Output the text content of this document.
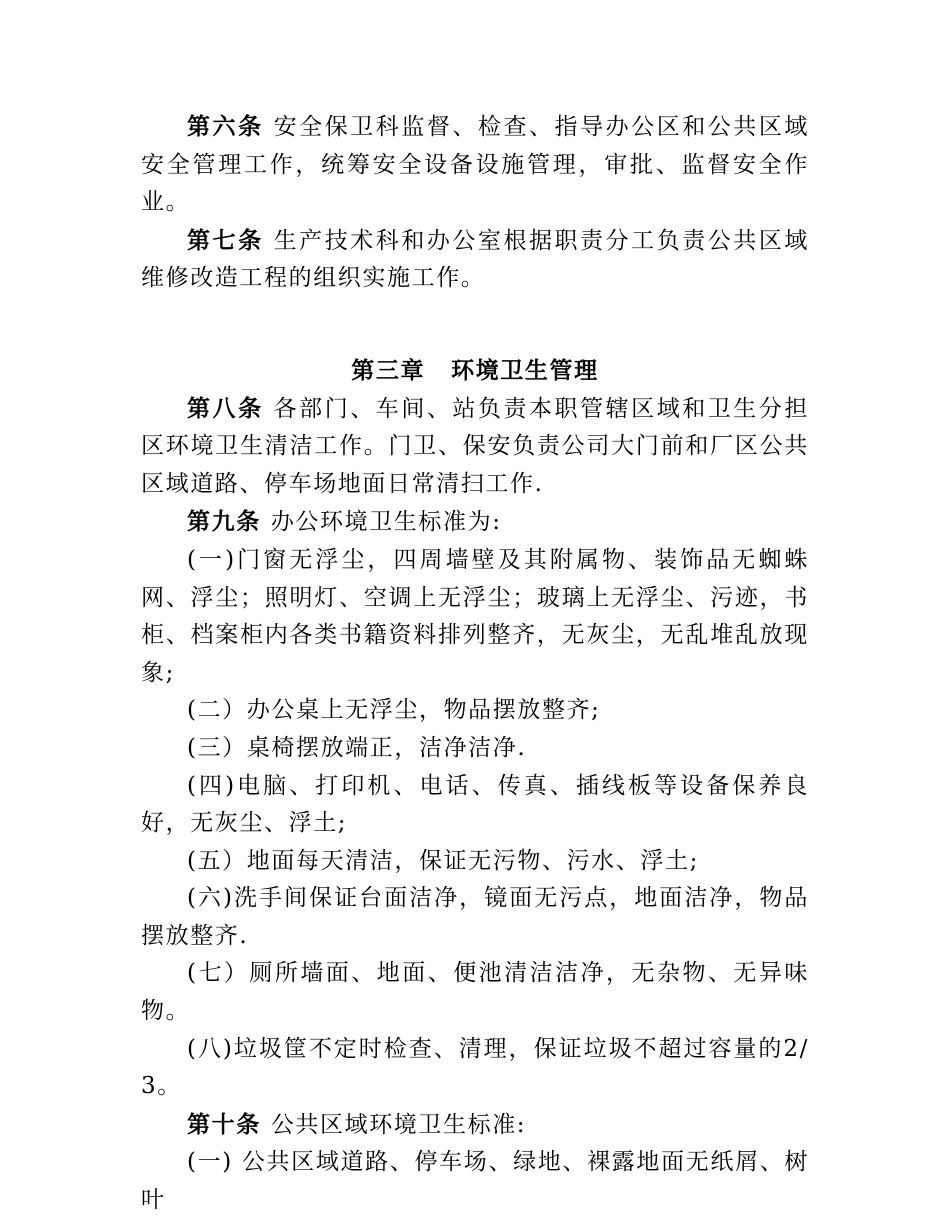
第六条 安全保卫科监督、检查、指导办公区和公共区域安全管理工作，统筹安全设备设施管理，审批、监督安全作业。

第七条 生产技术科和办公室根据职责分工负责公共区域维修改造工程的组织实施工作。

第三章 环境卫生管理

第八条 各部门、车间、站负责本职管辖区域和卫生分担区环境卫生清洁工作。门卫、保安负责公司大门前和厂区公共区域道路、停车场地面日常清扫工作.

第九条 办公环境卫生标准为:

(一)门窗无浮尘，四周墙壁及其附属物、装饰品无蜘蛛网、浮尘；照明灯、空调上无浮尘；玻璃上无浮尘、污迹，书柜、档案柜内各类书籍资料排列整齐，无灰尘，无乱堆乱放现象;

(二）办公桌上无浮尘，物品摆放整齐;

(三）桌椅摆放端正，洁净洁净.

(四)电脑、打印机、电话、传真、插线板等设备保养良好，无灰尘、浮土;

(五）地面每天清洁，保证无污物、污水、浮土;

(六)洗手间保证台面洁净，镜面无污点，地面洁净，物品摆放整齐.

(七）厕所墙面、地面、便池清洁洁净，无杂物、无异味物。

(八)垃圾筐不定时检查、清理，保证垃圾不超过容量的2/3。

第十条 公共区域环境卫生标准:

(一) 公共区域道路、停车场、绿地、裸露地面无纸屑、树叶
